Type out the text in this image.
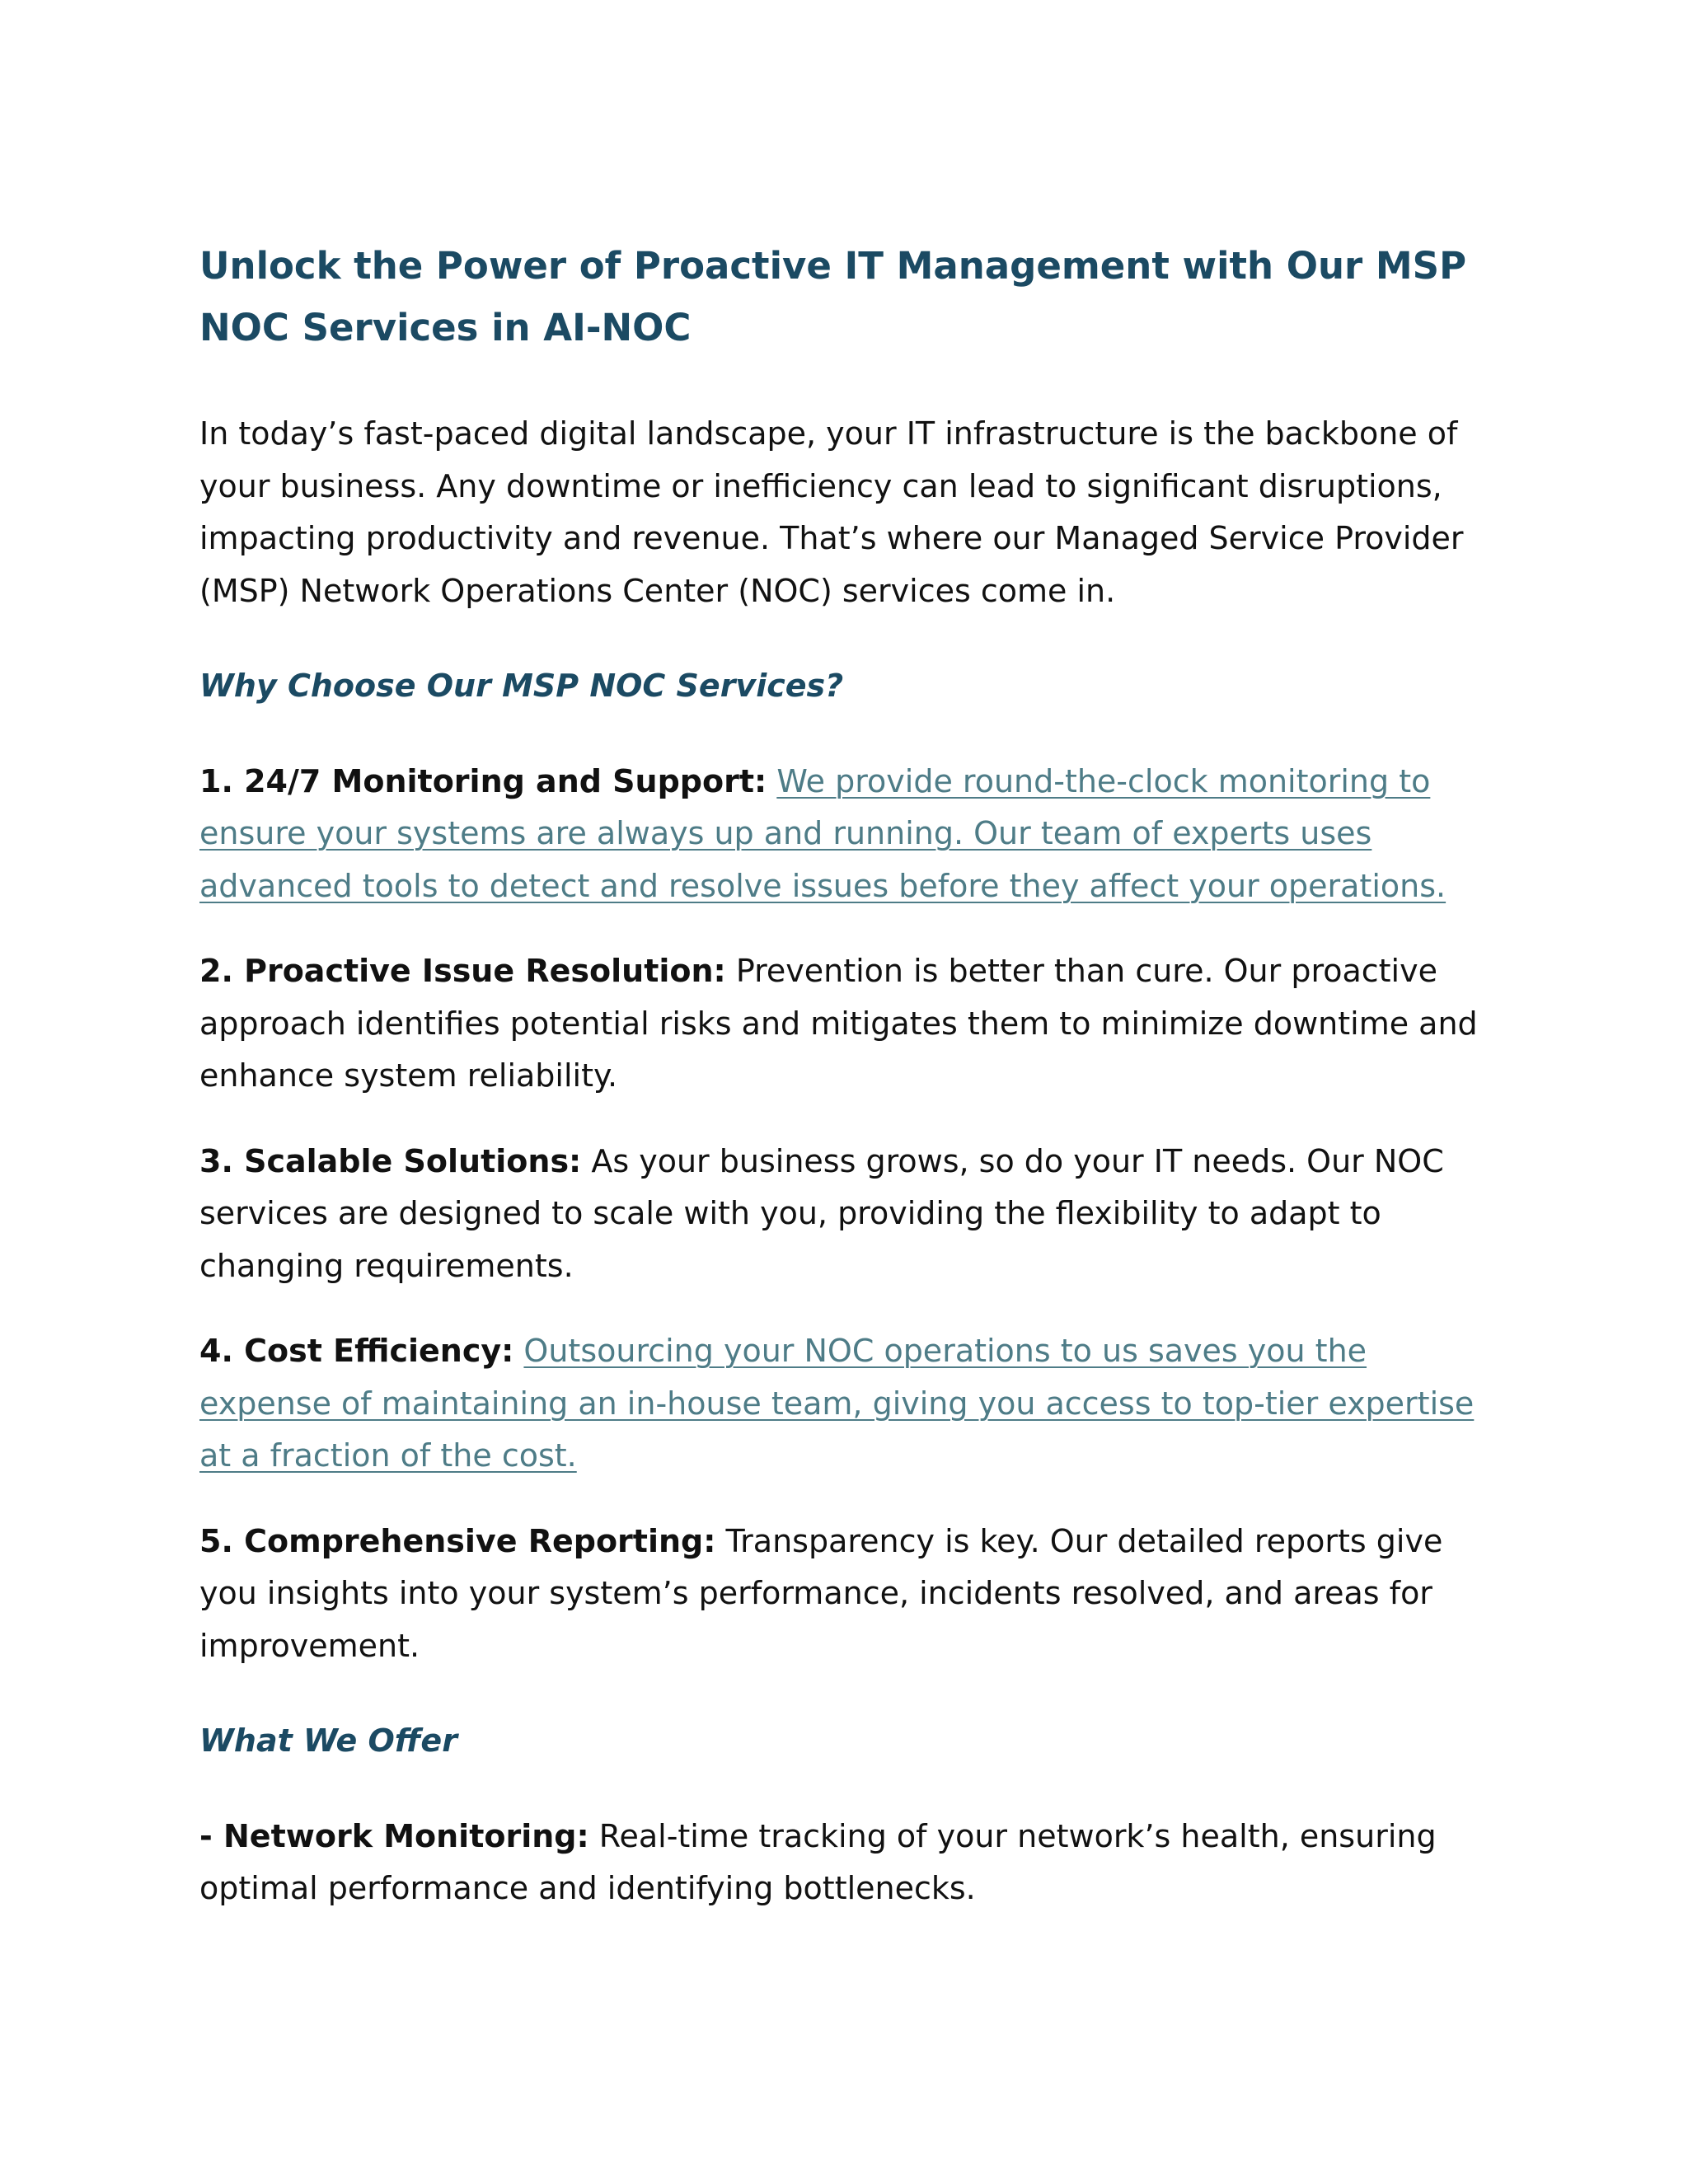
Unlock the Power of Proactive IT Management with Our MSP NOC Services in AI-NOC

In today’s fast-paced digital landscape, your IT infrastructure is the backbone of your business. Any downtime or inefficiency can lead to significant disruptions, impacting productivity and revenue. That’s where our Managed Service Provider (MSP) Network Operations Center (NOC) services come in.

Why Choose Our MSP NOC Services?

1. 24/7 Monitoring and Support: We provide round-the-clock monitoring to ensure your systems are always up and running. Our team of experts uses advanced tools to detect and resolve issues before they affect your operations.

2. Proactive Issue Resolution: Prevention is better than cure. Our proactive approach identifies potential risks and mitigates them to minimize downtime and enhance system reliability.

3. Scalable Solutions: As your business grows, so do your IT needs. Our NOC services are designed to scale with you, providing the flexibility to adapt to changing requirements.

4. Cost Efficiency: Outsourcing your NOC operations to us saves you the expense of maintaining an in-house team, giving you access to top-tier expertise at a fraction of the cost.

5. Comprehensive Reporting: Transparency is key. Our detailed reports give you insights into your system’s performance, incidents resolved, and areas for improvement.

What We Offer

- Network Monitoring: Real-time tracking of your network’s health, ensuring optimal performance and identifying bottlenecks.
